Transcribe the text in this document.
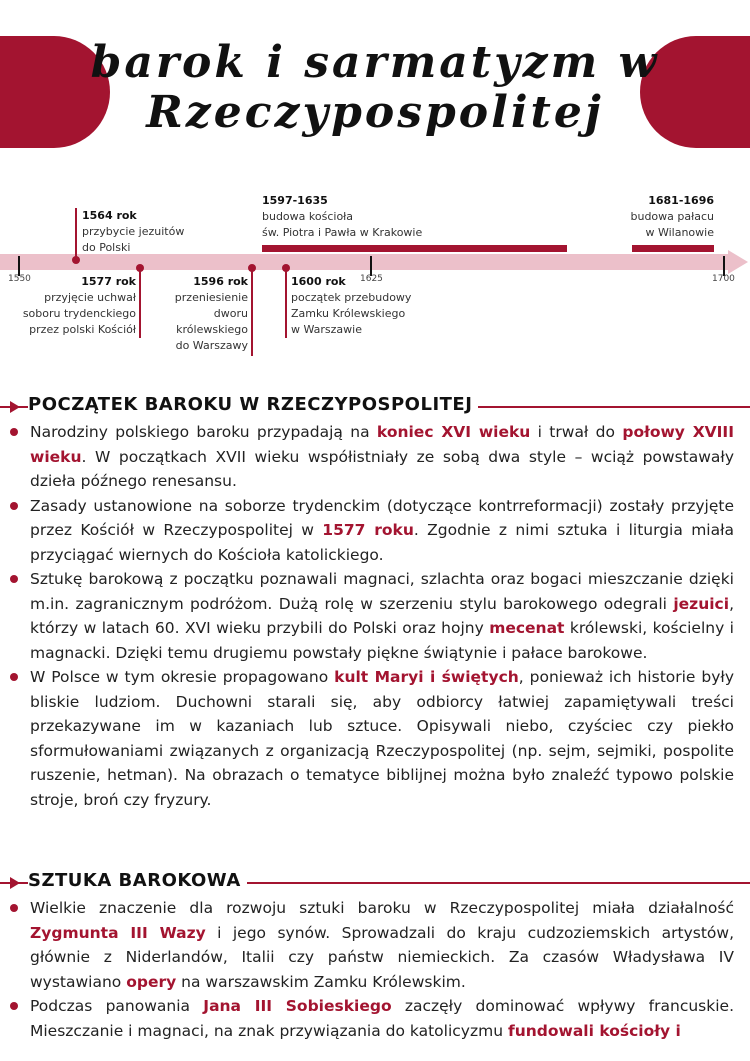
barok i sarmatyzm w
Rzeczypospolitej
1550	1625	1700
1564 rok
przybycie jezuitów
do Polski
1577 rok
przyjęcie uchwał
soboru trydenckiego
przez polski Kościół
1596 rok
przeniesienie
dworu
królewskiego
do Warszawy
1600 rok
początek przebudowy
Zamku Królewskiego
w Warszawie
1597-1635
budowa kościoła
św. Piotra i Pawła w Krakowie
1681-1696
budowa pałacu
w Wilanowie
POCZĄTEK BAROKU W RZECZYPOSPOLITEJ
Narodziny polskiego baroku przypadają na koniec XVI wieku i trwał do połowy XVIII wieku. W początkach XVII wieku współistniały ze sobą dwa style – wciąż powstawały dzieła późnego renesansu.
Zasady ustanowione na soborze trydenckim (dotyczące kontrreformacji) zostały przyjęte przez Kościół w Rzeczypospolitej w 1577 roku. Zgodnie z nimi sztuka i liturgia miała przyciągać wiernych do Kościoła katolickiego.
Sztukę barokową z początku poznawali magnaci, szlachta oraz bogaci mieszczanie dzięki m.in. zagranicznym podróżom. Dużą rolę w szerzeniu stylu barokowego odegrali jezuici, którzy w latach 60. XVI wieku przybili do Polski oraz hojny mecenat królewski, kościelny i magnacki. Dzięki temu drugiemu powstały piękne świątynie i pałace barokowe.
W Polsce w tym okresie propagowano kult Maryi i świętych, ponieważ ich historie były bliskie ludziom. Duchowni starali się, aby odbiorcy łatwiej zapamiętywali treści przekazywane im w kazaniach lub sztuce. Opisywali niebo, czyściec czy piekło sformułowaniami związanych z organizacją Rzeczypospolitej (np. sejm, sejmiki, pospolite ruszenie, hetman). Na obrazach o tematyce biblijnej można było znaleźć typowo polskie stroje, broń czy fryzury.
SZTUKA BAROKOWA
Wielkie znaczenie dla rozwoju sztuki baroku w Rzeczypospolitej miała działalność Zygmunta III Wazy i jego synów. Sprowadzali do kraju cudzoziemskich artystów, głównie z Niderlandów, Italii czy państw niemieckich. Za czasów Władysława IV wystawiano opery na warszawskim Zamku Królewskim.
Podczas panowania Jana III Sobieskiego zaczęły dominować wpływy francuskie. Mieszczanie i magnaci, na znak przywiązania do katolicyzmu fundowali kościoły i
